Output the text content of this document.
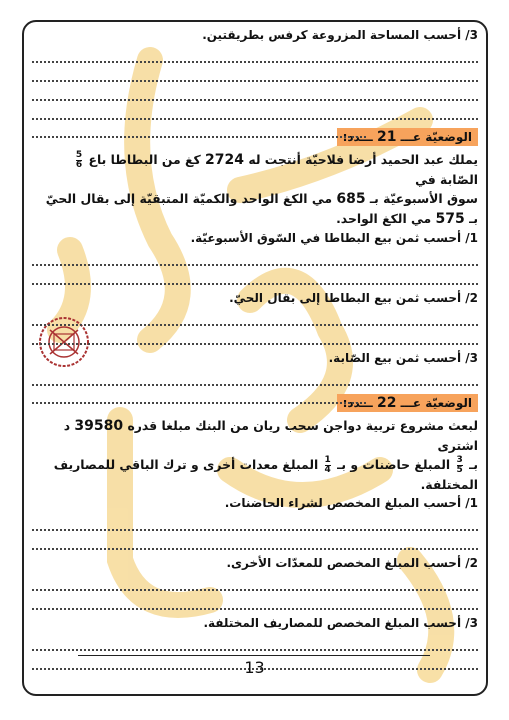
3/ أحسب المساحة المزروعة كرفس بطريقتين.

الوضعيّة عـــ 21 ـــدد:

يملك عبد الحميد أرضا فلاحيّة أنتجت له 2724 كغ من البطاطا باع
$\frac{5}{6}$
الصّابة في

سوق الأسبوعيّة بـ 685 مي الكغ الواحد والكميّة المتبقيّة إلى بقال الحيّ

بـ 575 مي الكغ الواحد.

1/ أحسب ثمن بيع البطاطا في السّوق الأسبوعيّة.

2/ أحسب ثمن بيع البطاطا إلى بقال الحيّ.

3/ أحسب ثمن بيع الصّابة.

الوضعيّة عـــ 22 ـــدد:

لبعث مشروع تربية دواجن سحب ريان من البنك مبلغا قدره 39580 د اشترى

بـ
$\frac{3}{5}$
المبلغ حاضنات و بـ
$\frac{1}{4}$
المبلغ معدات أخرى و ترك الباقي للمصاريف المختلفة.

1/ أحسب المبلغ المخصص لشراء الحاضنات.

2/ أحسب المبلغ المخصص للمعدّات الأخرى.

3/ أحسب المبلغ المخصص للمصاريف المختلفة.

13
